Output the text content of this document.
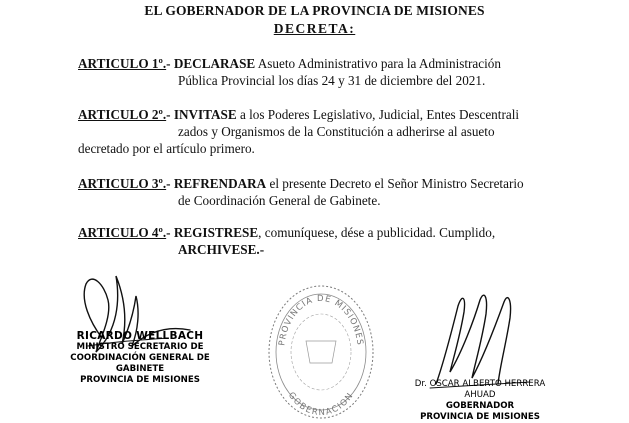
EL GOBERNADOR DE LA PROVINCIA DE MISIONES
DECRETA:
ARTICULO 1º.- DECLARASE Asueto Administrativo para la Administración
Pública Provincial los días 24 y 31 de diciembre del 2021.
ARTICULO 2º.- INVITASE a los Poderes Legislativo, Judicial, Entes Descentrali
zados y Organismos de la Constitución a adherirse al asueto
decretado por el artículo primero.
ARTICULO 3º.- REFRENDARA el presente Decreto el Señor Ministro Secretario
de Coordinación General de Gabinete.
ARTICULO 4º.- REGISTRESE, comuníquese, dése a publicidad. Cumplido,
ARCHIVESE.-
RICARDO WELLBACH
MINISTRO SECRETARIO DE
COORDINACIÓN GENERAL DE GABINETE
PROVINCIA DE MISIONES
PROVINCIA DE MISIONES
GOBERNACION
Dr. OSCAR ALBERTO HERRERA AHUAD
GOBERNADOR
PROVINCIA DE MISIONES
